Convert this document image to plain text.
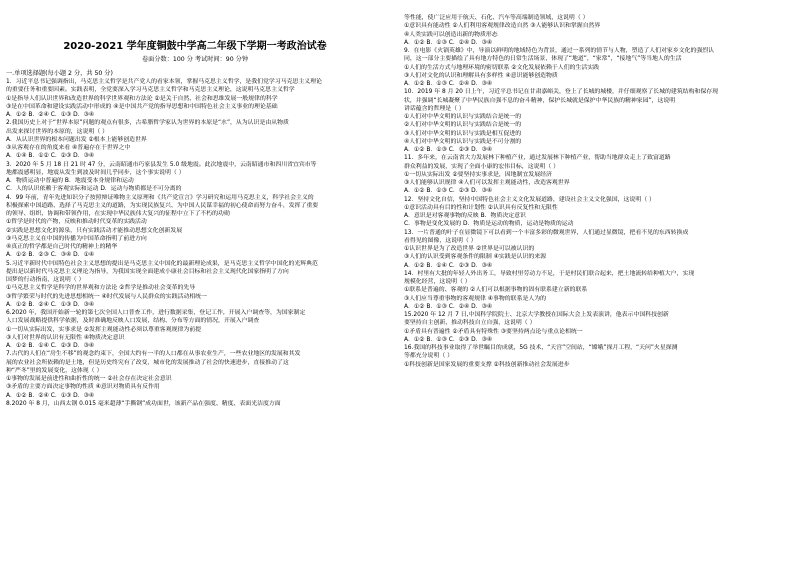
2020-2021 学年度铜鼓中学高二年级下学期一考政治试卷
卷面分数：100 分 考试时间：90 分钟
一.单项选择题(每小题 2 分，共 50 分)
1．习近平总书记强调指出，马克思主义哲学是共产党人的看家本领，掌握马克思主义哲学，是我们党学习马克思主义理论
的重要任务和重要因素。实践表明，全党要深入学习马克思主义哲学和马克思主义理论，这说明马克思主义哲学
①是指导人们认识世界和改造世界的科学世界观和方法论 ②是关于自然、社会和思维发展一般规律的科学
③是在中国革命和建设实践活动中形成的 ④是中国共产党的指导思想和中国特色社会主义事业的理论基础
A．①② B．②④ C．①③ D．③④
2.我国历史上对于“世界本原”问题的观点有很多，古希腊哲学家认为世界的本原是“水”，从为认识是由从物质
出发来探讨世界的本原的，这说明（ ）
A．从认识世界的根本问题出发 ②根本上能够创造世界
③从客观存在的角度来看 ④普遍存在于世界之中
A．①④ B．①② C．②③ D．③④
3．2020 年 5 月 18 日 21 时 47 分，云南昭通市巧家县发生 5.0 级地震。此次地震中，云南昭通市和四川省宜宾市等
地都震感明显，地震从发生到波及时间几乎同步，这个事实说明（ ）
A．物质运动中普遍的 B．地震受本身规律和运动
C．人的认识依赖于客观实际和运动 D．运动与物质都是不可分离的
4．99 年前，青年先进知识分子按照辩证唯物主义原理和《共产党宣言》学习研究和运用马克思主义，科学社会主义的
积极探索中国道路、选择了马克思主义的道路，为实现民族复兴、为中国人民谋幸福的初心使命而努力奋斗，发挥了重要
的领导、组织、协调和带领作用，在实现中华民族伟大复兴的征程中立下了不朽的功勋
①哲学是时代的产物，反映和推动时代变革的实践活动
②实践是思想文化的源泉，只有实践活动才能推动思想文化创新发展
③马克思主义在中国的传播为中国革命指明了前进方向
④真正的哲学都是自己时代的精神上的精华
A．①② B．②③ C．③④ D．①④
5.习近平新时代中国特色社会主义思想的提出是马克思主义中国化的最新理论成果，是马克思主义哲学中国化的光辉典范
提出是以新时代马克思主义理论为指导，为我国实现全面建成小康社会目标和社会主义现代化国家指明了方向
国梦的行动指南，这说明（ ）
①马克思主义哲学是科学的世界观和方法论 ②哲学是推动社会变革的先导
③哲学繁荣与时代的先进思想相统一 ④时代发展与人民群众的实践活动相统一
A．①② B．②④ C．①③ D．③④
6.2020 年，我国开始新一轮的第七次全国人口普查工作，进行数据采集，登记工作，开展入户调查等，为国家制定
人口发展战略提供科学依据，及时准确地反映人口发展，结构、分布等方面的情况，开展入户调查
①一切从实际出发，实事求是 ②发挥主观能动性必须以尊重客观规律为前提
③人们对世界的认识有无限性 ④物质决定意识
A．①② B．①④ C．②③ D．③④
7.古代的人们在“房生不移”的观念约束下，全国大约有一半的人口都在从事农业生产，一些农业地区的发展和其发
展的农业社会所依赖的是土地，但是历史终究有了改变，城市化的发展推动了社会的快速进步，直接推动了这
种“严冬”里的发展变化，这体现（ ）
①事物的发展是前进性和曲折性的统一 ②社会存在决定社会意识
③矛盾的主要方面决定事物的性质 ④意识对物质具有反作用
A．①② B．②④ C．①③ D．③④
8.2020 年 8 月，山西太钢 0.015 毫米超薄“手撕钢”成功面世，该新产品在强度、精度、表面光洁度方面
等性能，使广泛应用于航天、石化、汽车等高端制造领域，这说明（ ）
①意识具有能动性 ②人们利用客观规律改造自然 ③人能够认识和掌握自然界
④人类实践可以创造出新的物质形态
A．①② B．①③ C．②④ D．③④
9．在电影《火锅英雄》中，导演以鲜明的地域特色为背景，通过一系列的情节与人物，塑造了人们对家乡文化的强烈认
同，这一部分主要描绘了具有地方特色的日常生活场景，体现了“地道”，“家常”，“接地气”等当地人的生活
①人们的生活方式与地理环境的密切联系 ②文化发展依赖于人们的生活实践
③人们对文化的认识和理解具有多样性 ④意识能够创造物质
A．①② B．①③ C．②④ D．③④
10．2019 年 8 月 20 日上午，习近平总书记在甘肃嘉峪关，登上了长城的城楼，并仔细观察了长城的建筑结构和保存现
状，并强调“长城凝聚了中华民族自强不息的奋斗精神，保护长城就是保护中华民族的精神家园”，这说明
讲话蕴含的哲理是（ ）
①人们对中华文明的认识与实践结合是统一的
②人们对中华文明的认识与实践结合是统一的
③人们对中华文明的认识与实践是相互促进的
④人们对中华文明的认识与实践是不可分割的
A．①② B．①③ C．②③ D．③④
11．多年来，在云南省大力发展林下种植产业，通过发展林下种植产业，帮助当地群众走上了致富道路
群众利益的发展，实现了全面小康的宏伟目标，这说明（ ）
①一切从实际出发 ②要坚持实事求是，因地制宜发展经济
③人们能够认识规律 ④人们可以发挥主观能动性，改造客观世界
A．①② B．①③ C．②③ D．③④
12．坚持文化自信，坚持中国特色社会主义文化发展道路，建设社会主义文化强国，这说明（ ）
①意识活动具有目的性和计划性 ②认识具有反复性和无限性
A．意识是对客观事物的反映 B．物质决定意识
C．事物是变化发展的 D．物质是运动的物质，运动是物质的运动
13．一片普通的叶子在显微镜下可以看到一个丰富多彩的微观世界，人们通过显微镜，把看不见的东西转换成
看得见的图像，这说明（ ）
①认识世界是为了改造世界 ②世界是可以被认识的
③人们的认识受到客观条件的限制 ④实践是认识的来源
A．①② B．①④ C．②③ D．③④
14．村里有大批的年轻人外出务工，导致村里劳动力不足，于是村民们联合起来，把土地流转给种植大户，实现
规模化经营，这说明（ ）
①联系是普遍的、客观的 ②人们可以根据事物的固有联系建立新的联系
③人们应当尊重事物的客观规律 ④事物的联系是人为的
A．①② B．①③ C．②④ D．③④
15.2020 年 12 月 7 日,中国科学院院士、北京大学教授在国际大会上发表演讲，他表示中国科技创新
要坚持自主创新，推动科技自立自强，这说明（ ）
①矛盾具有普遍性 ②矛盾具有特殊性 ③要坚持两点论与重点论相统一
A．①② B．①③ C．②③ D．③④
16.我国的科技事业取得了举世瞩目的成就，5G 技术，“天宫”空间站，“嫦娥”探月工程，“天问”火星探测
等都充分说明（ ）
①科技创新是国家发展的重要支撑 ②科技创新推动社会发展进步
